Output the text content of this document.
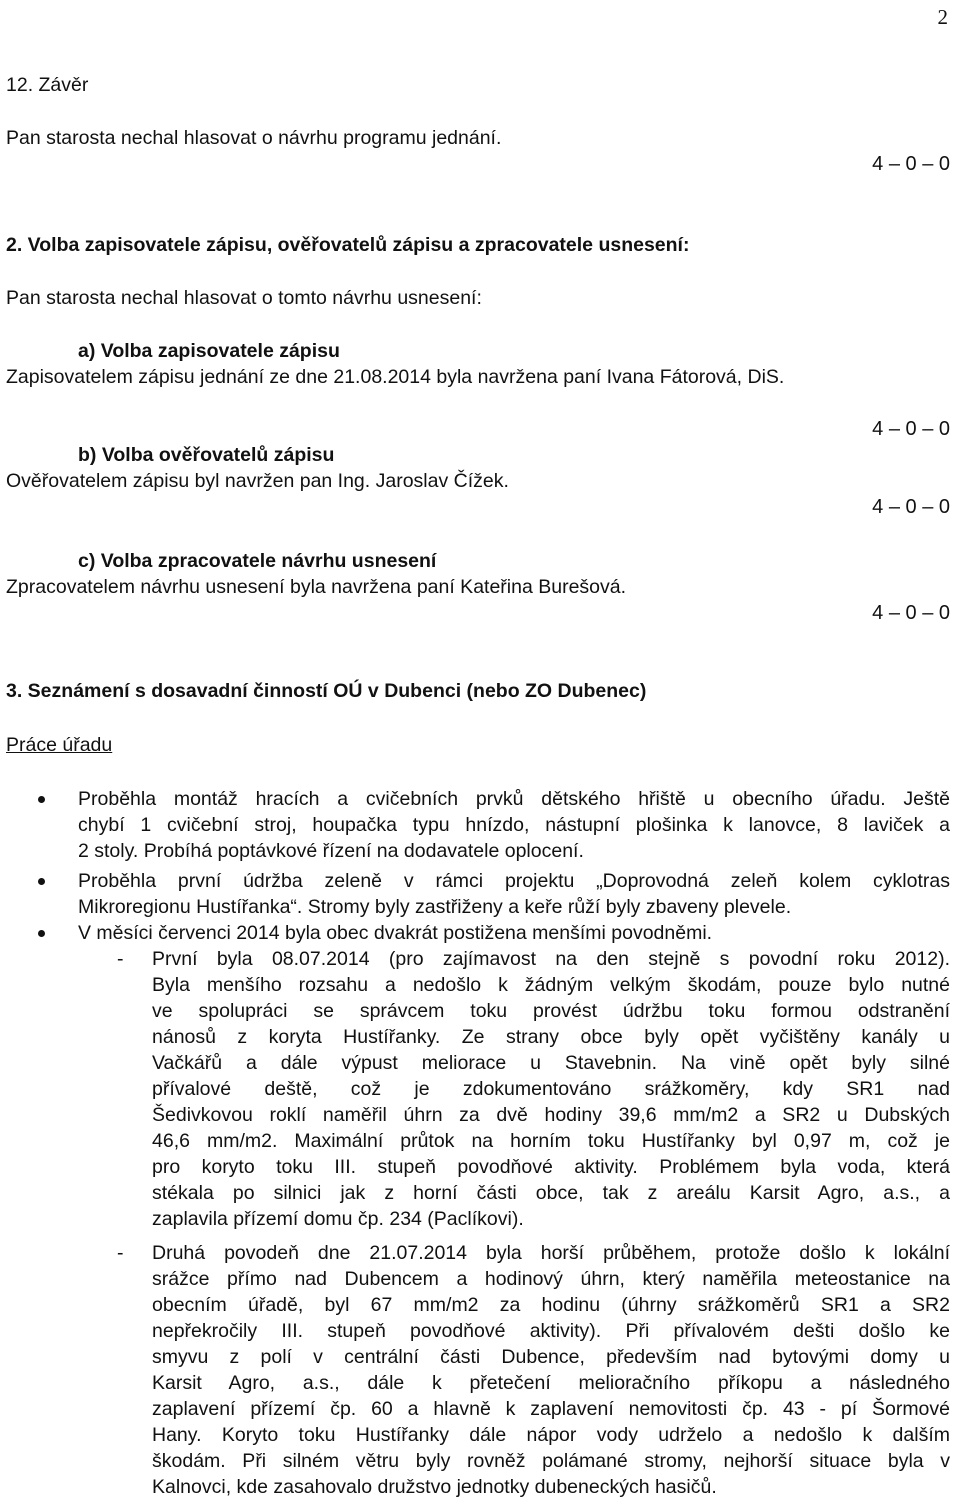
2
12. Závěr
Pan starosta nechal hlasovat o návrhu programu jednání.
4 – 0 – 0
2. Volba zapisovatele zápisu, ověřovatelů zápisu a zpracovatele usnesení:
Pan starosta nechal hlasovat o tomto návrhu usnesení:
a) Volba zapisovatele zápisu
Zapisovatelem zápisu jednání ze dne 21.08.2014 byla navržena paní Ivana Fátorová, DiS.
4 – 0 – 0
b) Volba ověřovatelů zápisu
Ověřovatelem zápisu byl navržen pan Ing. Jaroslav Čížek.
4 – 0 – 0
c) Volba zpracovatele návrhu usnesení
Zpracovatelem návrhu usnesení byla navržena paní Kateřina Burešová.
4 – 0 – 0
3. Seznámení s dosavadní činností OÚ v Dubenci (nebo ZO Dubenec)
Práce úřadu
Proběhla montáž hracích a cvičebních prvků dětského hřiště u obecního úřadu. Ještě
chybí 1 cvičební stroj, houpačka typu hnízdo, nástupní plošinka k lanovce, 8 laviček a
2 stoly. Probíhá poptávkové řízení na dodavatele oplocení.
Proběhla první údržba zeleně v rámci projektu „Doprovodná zeleň kolem cyklotras
Mikroregionu Hustířanka“. Stromy byly zastřiženy a keře růží byly zbaveny plevele.
V měsíci červenci 2014 byla obec dvakrát postižena menšími povodněmi.
- První byla 08.07.2014 (pro zajímavost na den stejně s povodní roku 2012).
Byla menšího rozsahu a nedošlo k žádným velkým škodám, pouze bylo nutné
ve spolupráci se správcem toku provést údržbu toku formou odstranění
nánosů z koryta Hustířanky. Ze strany obce byly opět vyčištěny kanály u
Vačkářů a dále výpust meliorace u Stavebnin. Na vině opět byly silné
přívalové deště, což je zdokumentováno srážkoměry, kdy SR1 nad
Šedivkovou roklí naměřil úhrn za dvě hodiny 39,6 mm/m2 a SR2 u Dubských
46,6 mm/m2. Maximální průtok na horním toku Hustířanky byl 0,97 m, což je
pro koryto toku III. stupeň povodňové aktivity. Problémem byla voda, která
stékala po silnici jak z horní části obce, tak z areálu Karsit Agro, a.s., a
zaplavila přízemí domu čp. 234 (Paclíkovi).
- Druhá povodeň dne 21.07.2014 byla horší průběhem, protože došlo k lokální
srážce přímo nad Dubencem a hodinový úhrn, který naměřila meteostanice na
obecním úřadě, byl 67 mm/m2 za hodinu (úhrny srážkoměrů SR1 a SR2
nepřekročily III. stupeň povodňové aktivity). Při přívalovém dešti došlo ke
smyvu z polí v centrální části Dubence, především nad bytovými domy u
Karsit Agro, a.s., dále k přetečení melioračního příkopu a následného
zaplavení přízemí čp. 60 a hlavně k zaplavení nemovitosti čp. 43 - pí Šormové
Hany. Koryto toku Hustířanky dále nápor vody udrželo a nedošlo k dalším
škodám. Při silném větru byly rovněž polámané stromy, nejhorší situace byla v
Kalnovci, kde zasahovalo družstvo jednotky dubeneckých hasičů.
